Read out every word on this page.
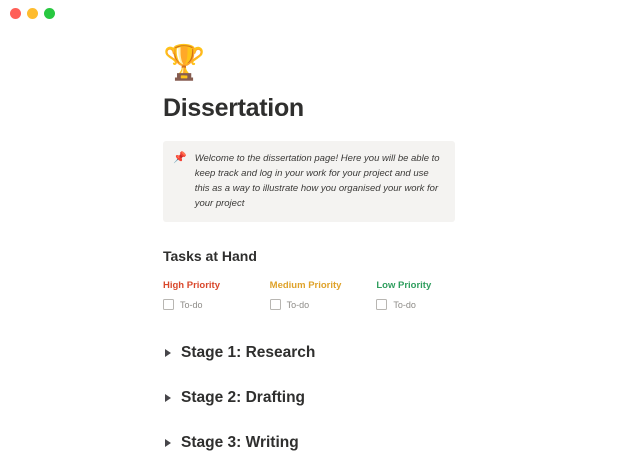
🏆
Dissertation
📌 Welcome to the dissertation page! Here you will be able to keep track and log in your work for your project and use this as a way to illustrate how you organised your work for your project
Tasks at Hand
High Priority
To-do
Medium Priority
To-do
Low Priority
To-do
Stage 1: Research
Stage 2: Drafting
Stage 3: Writing
